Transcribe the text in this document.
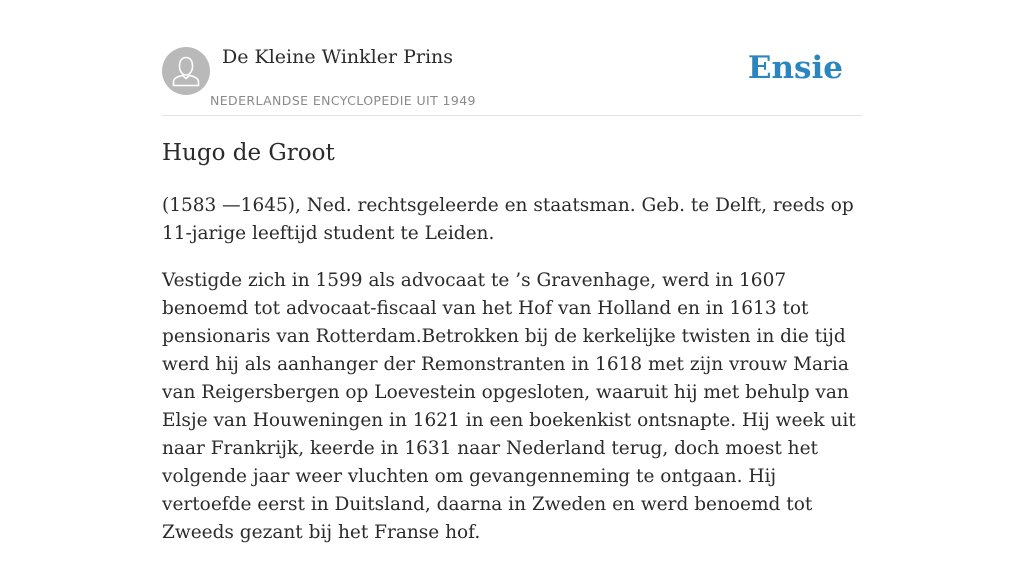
De Kleine Winkler Prins
NEDERLANDSE ENCYCLOPEDIE UIT 1949
Ensie
Hugo de Groot

(1583 —1645), Ned. rechtsgeleerde en staatsman. Geb. te Delft, reeds op 11-jarige leeftijd student te Leiden.

Vestigde zich in 1599 als advocaat te ’s Gravenhage, werd in 1607 benoemd tot advocaat-fiscaal van het Hof van Holland en in 1613 tot pensionaris van Rotterdam.Betrokken bij de kerkelijke twisten in die tijd werd hij als aanhanger der Remonstranten in 1618 met zijn vrouw Maria van Reigersbergen op Loevestein opgesloten, waaruit hij met behulp van Elsje van Houweningen in 1621 in een boekenkist ontsnapte. Hij week uit naar Frankrijk, keerde in 1631 naar Nederland terug, doch moest het volgende jaar weer vluchten om gevangenneming te ontgaan. Hij vertoefde eerst in Duitsland, daarna in Zweden en werd benoemd tot Zweeds gezant bij het Franse hof.
